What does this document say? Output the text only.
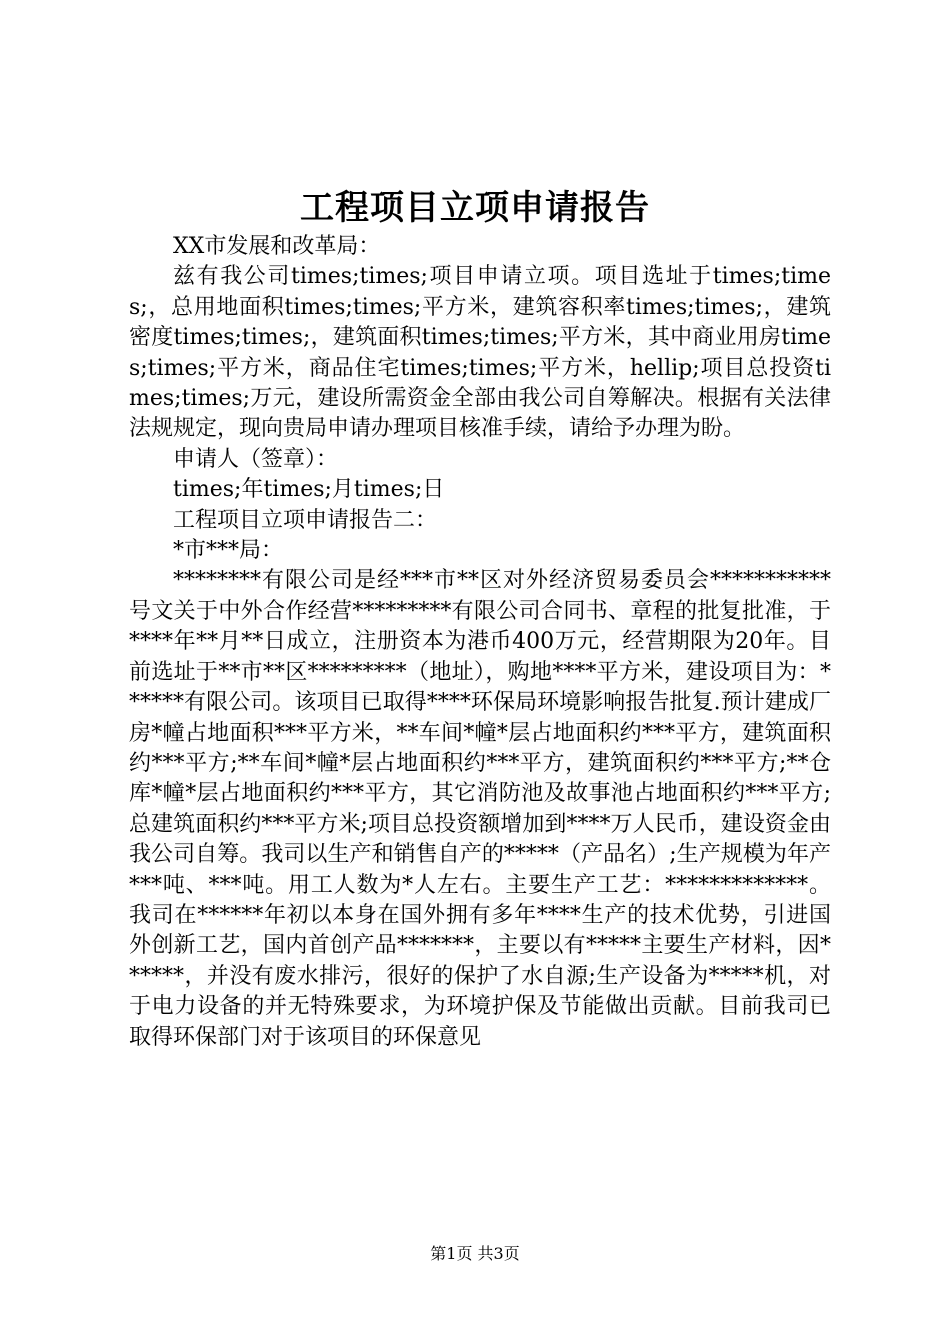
工程项目立项申请报告

XX市发展和改革局：

兹有我公司times;times;项目申请立项。项目选址于times;times;，总用地面积times;times;平方米，建筑容积率times;times;，建筑密度times;times;，建筑面积times;times;平方米，其中商业用房times;times;平方米，商品住宅times;times;平方米，hellip;项目总投资times;times;万元，建设所需资金全部由我公司自筹解决。根据有关法律法规规定，现向贵局申请办理项目核准手续，请给予办理为盼。

申请人（签章）：

times;年times;月times;日

工程项目立项申请报告二：

*市***局：

********有限公司是经***市**区对外经济贸易委员会***********号文关于中外合作经营*********有限公司合同书、章程的批复批准，于****年**月**日成立，注册资本为港币400万元，经营期限为20年。目前选址于**市**区*********（地址），购地****平方米，建设项目为：******有限公司。该项目已取得****环保局环境影响报告批复.预计建成厂房*幢占地面积***平方米，**车间*幢*层占地面积约***平方，建筑面积约***平方;**车间*幢*层占地面积约***平方，建筑面积约***平方;**仓库*幢*层占地面积约***平方，其它消防池及故事池占地面积约***平方;总建筑面积约***平方米;项目总投资额增加到****万人民币，建设资金由我公司自筹。我司以生产和销售自产的*****（产品名）;生产规模为年产***吨、***吨。用工人数为*人左右。主要生产工艺：*************。我司在******年初以本身在国外拥有多年****生产的技术优势，引进国外创新工艺，国内首创产品*******，主要以有*****主要生产材料，因******，并没有废水排污，很好的保护了水自源;生产设备为*****机，对于电力设备的并无特殊要求，为环境护保及节能做出贡献。目前我司已取得环保部门对于该项目的环保意见

第1页 共3页
